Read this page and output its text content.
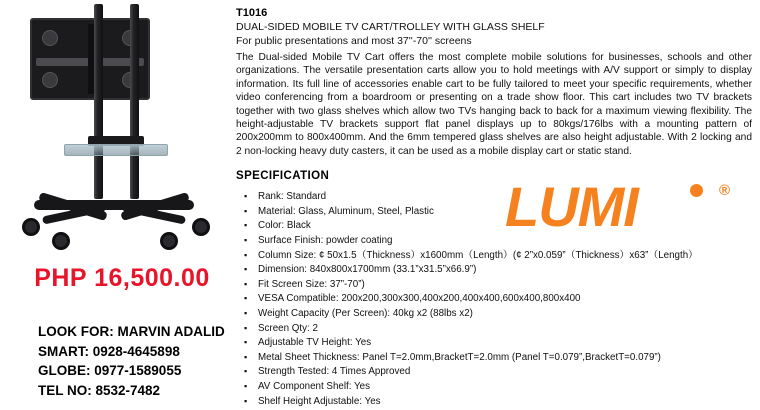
PHP 16,500.00
LOOK FOR: MARVIN ADALID
SMART: 0928-4645898
GLOBE: 0977-1589055
TEL NO: 8532-7482
T1016
DUAL-SIDED MOBILE TV CART/TROLLEY WITH GLASS SHELF
For public presentations and most 37''-70'' screens
The Dual-sided Mobile TV Cart offers the most complete mobile solutions for businesses, schools and other organizations. The versatile presentation carts allow you to hold meetings with A/V support or simply to display information. Its full line of accessories enable cart to be fully tailored to meet your specific requirements, whether video conferencing from a boardroom or presenting on a trade show floor. This cart includes two TV brackets together with two glass shelves which allow two TVs hanging back to back for a maximum viewing flexibility. The height-adjustable TV brackets support flat panel displays up to 80kgs/176lbs with a mounting pattern of 200x200mm to 800x400mm. And the 6mm tempered glass shelves are also height adjustable. With 2 locking and 2 non-locking heavy duty casters, it can be used as a mobile display cart or static stand.
SPECIFICATION
▪ Rank: Standard
▪ Material: Glass, Aluminum, Steel, Plastic
▪ Color: Black
▪ Surface Finish: powder coating
▪ Column Size: ¢ 50x1.5（Thickness）x1600mm（Length）(¢ 2”x0.059”（Thickness）x63”（Length）
▪ Dimension: 840x800x1700mm (33.1”x31.5”x66.9”)
▪ Fit Screen Size: 37”-70”)
▪ VESA Compatible: 200x200,300x300,400x200,400x400,600x400,800x400
▪ Weight Capacity (Per Screen): 40kg x2 (88lbs x2)
▪ Screen Qty: 2
▪ Adjustable TV Height: Yes
▪ Metal Sheet Thickness: Panel T=2.0mm,BracketT=2.0mm (Panel T=0.079”,BracketT=0.079”)
▪ Strength Tested: 4 Times Approved
▪ AV Component Shelf: Yes
▪ Shelf Height Adjustable: Yes
LUMI	®
